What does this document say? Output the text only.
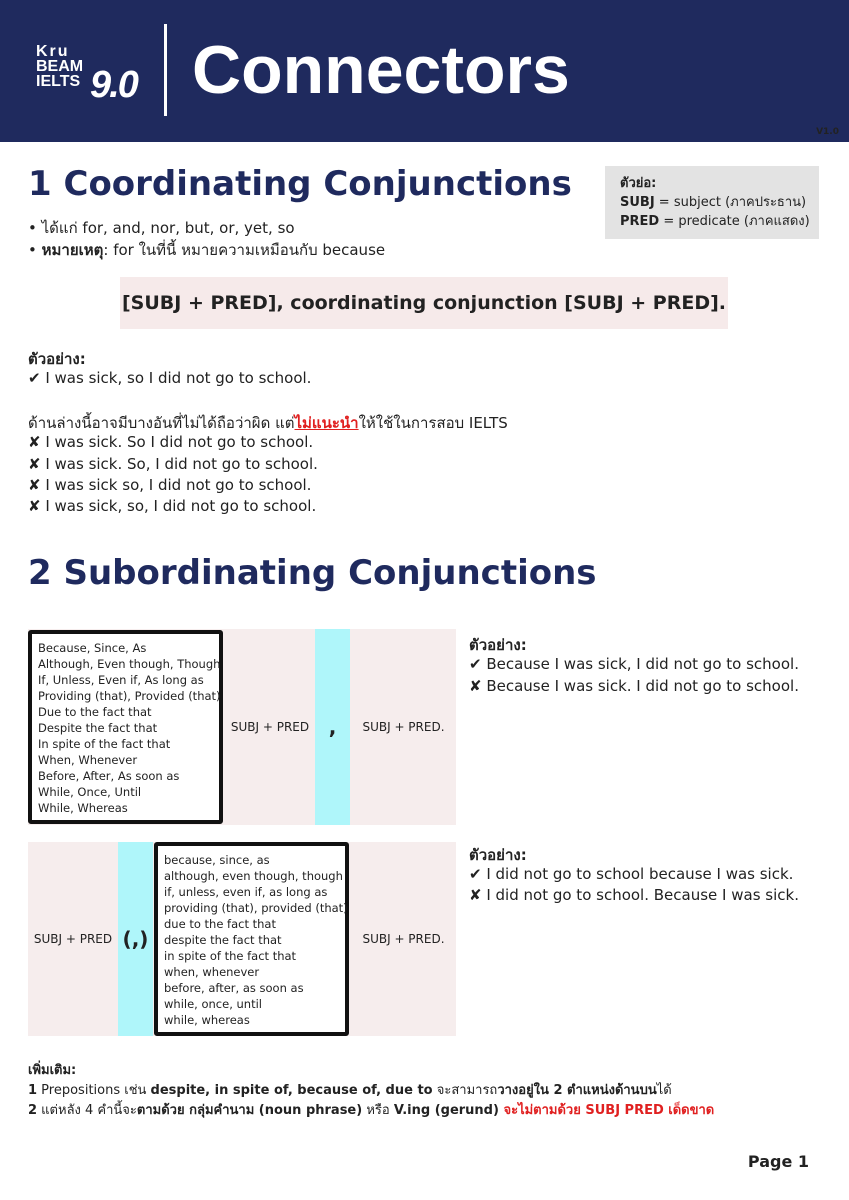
Kru
BEAM
IELTS 9.0 Connectors
V1.0
ตัวย่อ:
SUBJ = subject (ภาคประธาน)
PRED = predicate (ภาคแสดง)
1 Coordinating Conjunctions
• ได้แก่ for, and, nor, but, or, yet, so
• หมายเหตุ: for ในที่นี้ หมายความเหมือนกับ because
[SUBJ + PRED], coordinating conjunction [SUBJ + PRED].
ตัวอย่าง:
✔ I was sick, so I did not go to school.
ด้านล่างนี้อาจมีบางอันที่ไม่ได้ถือว่าผิด แต่ไม่แนะนำให้ใช้ในการสอบ IELTS
✘ I was sick. So I did not go to school.
✘ I was sick. So, I did not go to school.
✘ I was sick so, I did not go to school.
✘ I was sick, so, I did not go to school.
2 Subordinating Conjunctions
Because, Since, As
Although, Even though, Though
If, Unless, Even if, As long as
Providing (that), Provided (that)
Due to the fact that
Despite the fact that
In spite of the fact that
When, Whenever
Before, After, As soon as
While, Once, Until
While, Whereas
SUBJ + PRED ,	SUBJ + PRED.
ตัวอย่าง:
✔ Because I was sick, I did not go to school.
✘ Because I was sick. I did not go to school.
SUBJ + PRED (,)
because, since, as
although, even though, though
if, unless, even if, as long as
providing (that), provided (that)
due to the fact that
despite the fact that
in spite of the fact that
when, whenever
before, after, as soon as
while, once, until
while, whereas
SUBJ + PRED.
ตัวอย่าง:
✔ I did not go to school because I was sick.
✘ I did not go to school. Because I was sick.
เพิ่มเติม:
1 Prepositions เช่น despite, in spite of, because of, due to จะสามารถวางอยู่ใน 2 ตำแหน่งด้านบนได้
2 แต่หลัง 4 คำนี้จะตามด้วย กลุ่มคำนาม (noun phrase) หรือ V.ing (gerund) จะไม่ตามด้วย SUBJ PRED เด็ดขาด
Page 1
